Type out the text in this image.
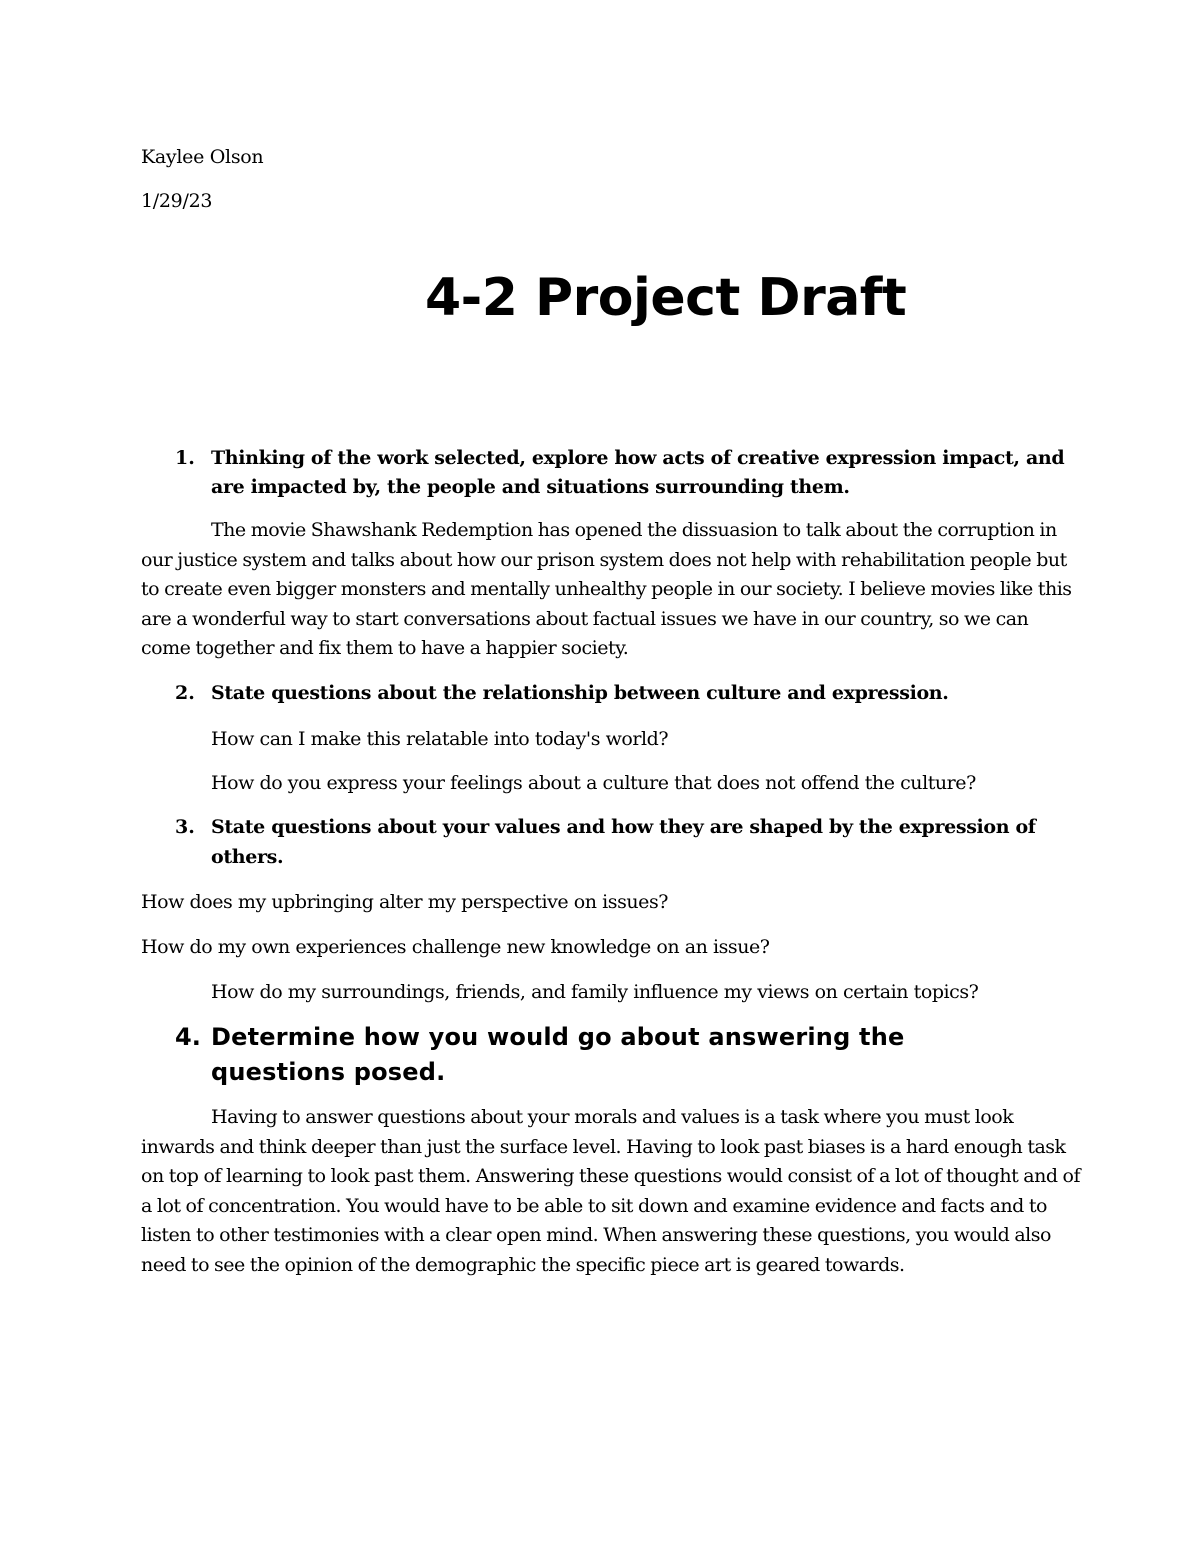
Kaylee Olson

1/29/23

4-2 Project Draft
1. Thinking of the work selected, explore how acts of creative expression impact, and
are impacted by, the people and situations surrounding them.

The movie Shawshank Redemption has opened the dissuasion to talk about the corruption in our justice system and talks about how our prison system does not help with rehabilitation people but to create even bigger monsters and mentally unhealthy people in our society. I believe movies like this are a wonderful way to start conversations about factual issues we have in our country, so we can come together and fix them to have a happier society.

2. State questions about the relationship between culture and expression.

How can I make this relatable into today's world?

How do you express your feelings about a culture that does not offend the culture?

3. State questions about your values and how they are shaped by the expression of
others.

How does my upbringing alter my perspective on issues?

How do my own experiences challenge new knowledge on an issue?

How do my surroundings, friends, and family influence my views on certain topics?

4. Determine how you would go about answering the questions posed.

Having to answer questions about your morals and values is a task where you must look inwards and think deeper than just the surface level. Having to look past biases is a hard enough task on top of learning to look past them. Answering these questions would consist of a lot of thought and of a lot of concentration. You would have to be able to sit down and examine evidence and facts and to listen to other testimonies with a clear open mind. When answering these questions, you would also need to see the opinion of the demographic the specific piece art is geared towards.
